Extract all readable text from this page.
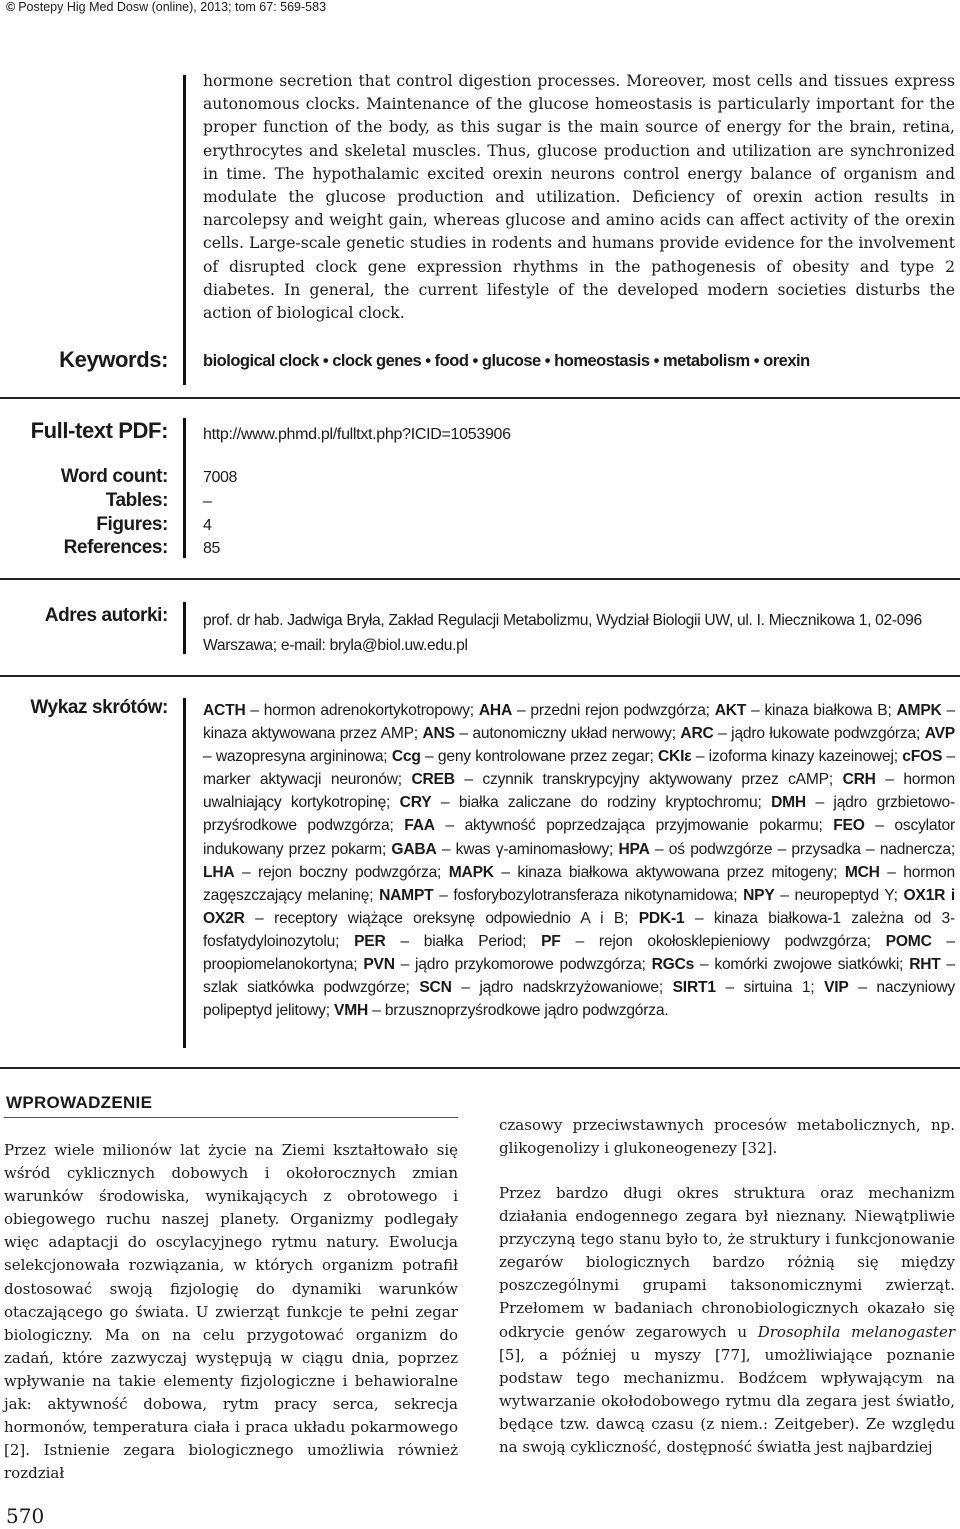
© Postepy Hig Med Dosw (online), 2013; tom 67: 569-583

hormone secretion that control digestion processes. Moreover, most cells and tissues express autonomous clocks. Maintenance of the glucose homeostasis is particularly important for the proper function of the body, as this sugar is the main source of energy for the brain, retina, erythrocytes and skeletal muscles. Thus, glucose production and utilization are synchronized in time. The hypothalamic excited orexin neurons control energy balance of organism and modulate the glucose production and utilization. Deficiency of orexin action results in narcolepsy and weight gain, whereas glucose and amino acids can affect activity of the orexin cells. Large-scale genetic studies in rodents and humans provide evidence for the involvement of disrupted clock gene expression rhythms in the pathogenesis of obesity and type 2 diabetes. In general, the current lifestyle of the developed modern societies disturbs the action of biological clock.

Keywords: biological clock • clock genes • food • glucose • homeostasis • metabolism • orexin
Full-text PDF: http://www.phmd.pl/fulltxt.php?ICID=1053906
Word count: 7008
Tables: –
Figures: 4
References: 85
Adres autorki: prof. dr hab. Jadwiga Bryła, Zakład Regulacji Metabolizmu, Wydział Biologii UW, ul. I. Miecznikowa 1, 02-096 Warszawa; e-mail: bryla@biol.uw.edu.pl

Wykaz skrótów: ACTH – hormon adrenokortykotropowy; AHA – przedni rejon podwzgórza; AKT – kinaza białkowa B; AMPK – kinaza aktywowana przez AMP; ANS – autonomiczny układ nerwowy; ARC – jądro łukowate podwzgórza; AVP – wazopresyna argininowa; Ccg – geny kontrolowane przez zegar; CKIε – izoforma kinazy kazeinowej; cFOS – marker aktywacji neuronów; CREB – czynnik transkrypcyjny aktywowany przez cAMP; CRH – hormon uwalniający kortykotropinę; CRY – białka zaliczane do rodziny kryptochromu; DMH – jądro grzbietowo-przyśrodkowe podwzgórza; FAA – aktywność poprzedzająca przyjmowanie pokarmu; FEO – oscylator indukowany przez pokarm; GABA – kwas γ-aminomasłowy; HPA – oś podwzgórze – przysadka – nadnercza; LHA – rejon boczny podwzgórza; MAPK – kinaza białkowa aktywowana przez mitogeny; MCH – hormon zagęszczający melaninę; NAMPT – fosforybozylotransferaza nikotynamidowa; NPY – neuropeptyd Y; OX1R i OX2R – receptory wiążące oreksynę odpowiednio A i B; PDK-1 – kinaza białkowa-1 zależna od 3-fosfatydyloinozytolu; PER – białka Period; PF – rejon okołosklepieniowy podwzgórza; POMC – proopiomelanokortyna; PVN – jądro przykomorowe podwzgórza; RGCs – komórki zwojowe siatkówki; RHT – szlak siatkówka podwzgórze; SCN – jądro nadskrzyżowaniowe; SIRT1 – sirtuina 1; VIP – naczyniowy polipeptyd jelitowy; VMH – brzusznoprzyśrodkowe jądro podwzgórza.

WPROWADZENIE

Przez wiele milionów lat życie na Ziemi kształtowało się wśród cyklicznych dobowych i okołorocznych zmian warunków środowiska, wynikających z obrotowego i obiegowego ruchu naszej planety. Organizmy podlegały więc adaptacji do oscylacyjnego rytmu natury. Ewolucja selekcjonowała rozwiązania, w których organizm potrafił dostosować swoją fizjologię do dynamiki warunków otaczającego go świata. U zwierząt funkcje te pełni zegar biologiczny. Ma on na celu przygotować organizm do zadań, które zazwyczaj występują w ciągu dnia, poprzez wpływanie na takie elementy fizjologiczne i behawioralne jak: aktywność dobowa, rytm pracy serca, sekrecja hormonów, temperatura ciała i praca układu pokarmowego [2]. Istnienie zegara biologicznego umożliwia również rozdział

czasowy przeciwstawnych procesów metabolicznych, np. glikogenolizy i glukoneogenezy [32].

Przez bardzo długi okres struktura oraz mechanizm działania endogennego zegara był nieznany. Niewątpliwie przyczyną tego stanu było to, że struktury i funkcjonowanie zegarów biologicznych bardzo różnią się między poszczególnymi grupami taksonomicznymi zwierząt. Przełomem w badaniach chronobiologicznych okazało się odkrycie genów zegarowych u Drosophila melanogaster [5], a później u myszy [77], umożliwiające poznanie podstaw tego mechanizmu. Bodźcem wpływającym na wytwarzanie okołodobowego rytmu dla zegara jest światło, będące tzw. dawcą czasu (z niem.: Zeitgeber). Ze względu na swoją cykliczność, dostępność światła jest najbardziej

570
